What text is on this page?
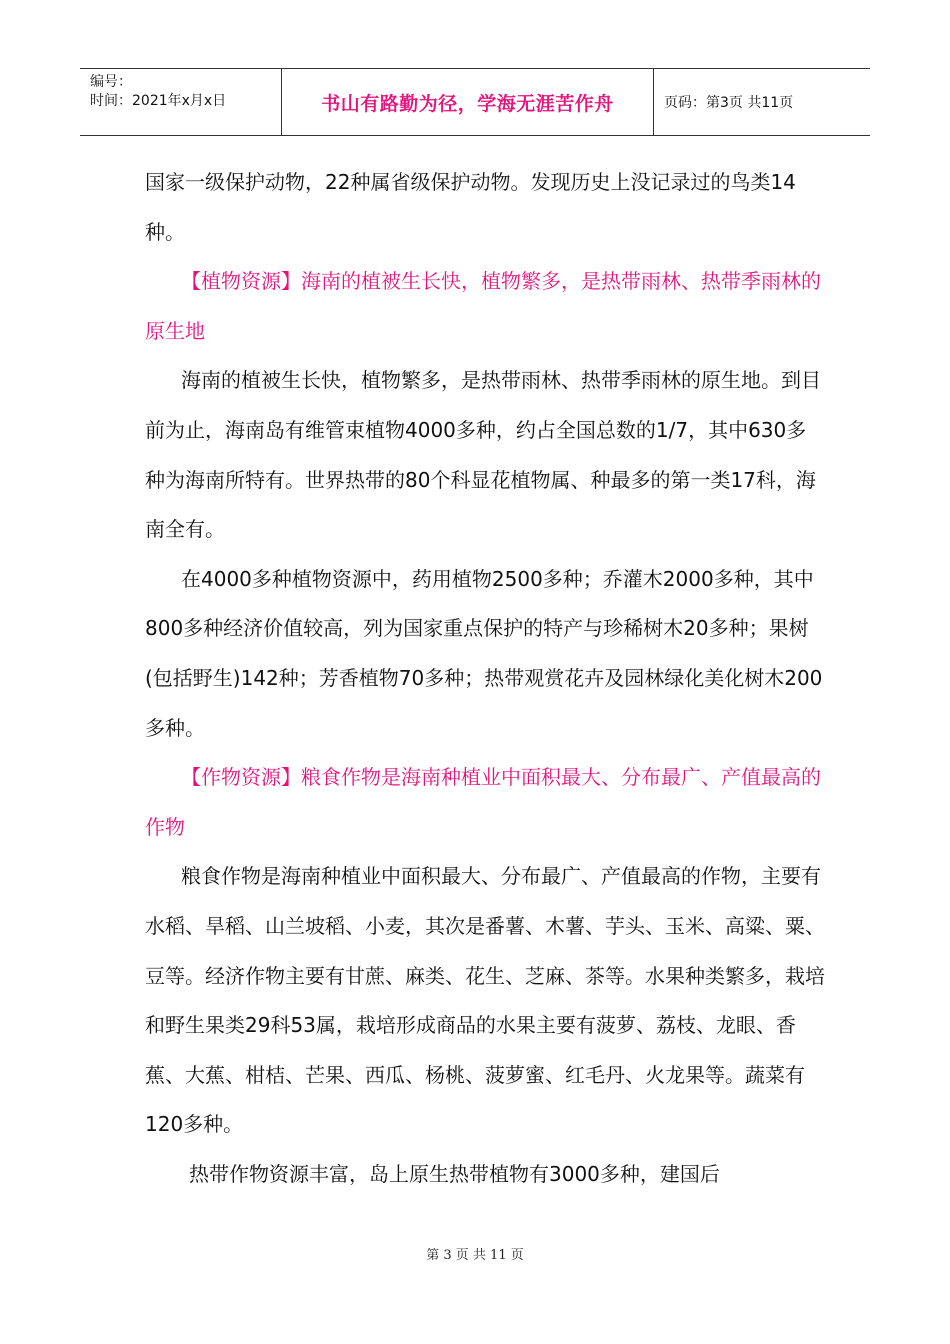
编号：
时间：2021年x月x日	书山有路勤为径，学海无涯苦作舟	页码：第3页 共11页

国家一级保护动物，22种属省级保护动物。发现历史上没记录过的鸟类14种。

【植物资源】海南的植被生长快，植物繁多，是热带雨林、热带季雨林的原生地

海南的植被生长快，植物繁多，是热带雨林、热带季雨林的原生地。到目前为止，海南岛有维管束植物4000多种，约占全国总数的1/7，其中630多种为海南所特有。世界热带的80个科显花植物属、种最多的第一类17科，海南全有。

在4000多种植物资源中，药用植物2500多种；乔灌木2000多种，其中800多种经济价值较高，列为国家重点保护的特产与珍稀树木20多种；果树(包括野生)142种；芳香植物70多种；热带观赏花卉及园林绿化美化树木200多种。

【作物资源】粮食作物是海南种植业中面积最大、分布最广、产值最高的作物

粮食作物是海南种植业中面积最大、分布最广、产值最高的作物，主要有水稻、旱稻、山兰坡稻、小麦，其次是番薯、木薯、芋头、玉米、高粱、粟、豆等。经济作物主要有甘蔗、麻类、花生、芝麻、茶等。水果种类繁多，栽培和野生果类29科53属，栽培形成商品的水果主要有菠萝、荔枝、龙眼、香蕉、大蕉、柑桔、芒果、西瓜、杨桃、菠萝蜜、红毛丹、火龙果等。蔬菜有120多种。

热带作物资源丰富，岛上原生热带植物有3000多种，建国后

第 3 页 共 11 页
